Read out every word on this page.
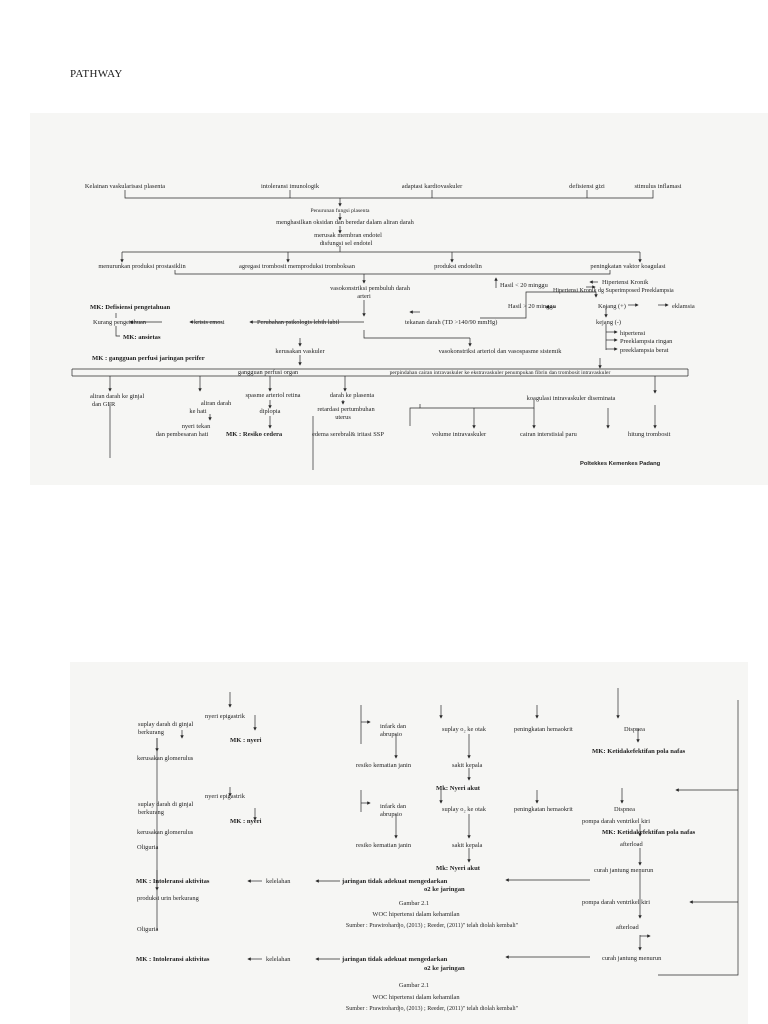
PATHWAY
Kelainan vaskularisasi plasenta	intoleransi imunologik	adaptasi kardiovaskuler	defisiensi gizi	stimulus inflamasi
Penurunan fungsi plasenta
menghasilkan oksidan dan beredar dalam aliran darah
merusak membran endotel
disfungsi sel endotel
menurunkan produksi prostasiklin	agregasi trombosit memproduksi tromboksan	produksi endotelin	peningkatan vaktor koagulasi
vasokonstriksi pembuluh darah
arteri
Hasil < 20 minggu	Hipertensi Kronik
Hipertensi Kronik dg Superimposed Preeklampsia
Hasil > 20 minggu	Kejang (+)	eklamsia
kejang (-)
MK: Defisiensi pengetahuan
Kurang pengetahuan	krisis emosi	Perubahan psikologis lebih labil	tekanan darah (TD >140/90 mmHg)
hipertensi
Preeklampsia ringan
preeklampsia berat
MK: ansietas
kerusakan vaskuler	vasokonstriksi arteriol dan vasospasme sistemik
MK : gangguan perfusi jaringan perifer
gangguan perfusi organ	perpindahan cairan intravaskuler ke ekstravaskuler penumpukan fibrin dan trombosit intravaskuler
aliran darah ke ginjal
dan GFR	aliran darah
ke hati
spasme arteriol retina	darah ke plasenta	koagulasi intravaskuler diseminata
diplopia	retardasi pertumbuhan
uterus
nyeri tekan
dan pembesaran hati	MK : Resiko cedera	edema serebral& iritasi SSP	volume intravaskuler	cairan interstisial paru	hitung trombosit
Poltekkes Kemenkes Padang
nyeri epigastrik
suplay darah di ginjal
berkurang
MK : nyeri
kerusakan glomerulus
infark dan
abrupsio
suplay o₂ ke otak	peningkatan hemaokrit	Dispnea
MK: Ketidakefektifan pola nafas
resiko kematian janin	sakit kepala
Mk: Nyeri akut
nyeri epigastrik
suplay darah di ginjal
berkurang
MK : nyeri
kerusakan glomerulus
infark dan
abrupsio
suplay o₂ ke otak	peningkatan hemaokrit	Dispnea
pompa darah ventrikel kiri
MK: Ketidakefektifan pola nafas
Oliguria	resiko kematian janin	sakit kepala	afterload
Mk: Nyeri akut	curah jantung menurun
MK : Intoleransi aktivitas	kelelahan	jaringan tidak adekuat mengedarkan
o2 ke jaringan
Gambar 2.1
WOC hipertensi dalam kehamilan
Sumber : Prawirohardjo, (2013) ; Reeder, (2011)" telah diolah kembali"
produksi urin berkurang
pompa darah ventrikel kiri
Oliguria	afterload
curah jantung menurun
MK : Intoleransi aktivitas	kelelahan	jaringan tidak adekuat mengedarkan
o2 ke jaringan
Gambar 2.1
WOC hipertensi dalam kehamilan
Sumber : Prawirohardjo, (2013) ; Reeder, (2011)" telah diolah kembali"
